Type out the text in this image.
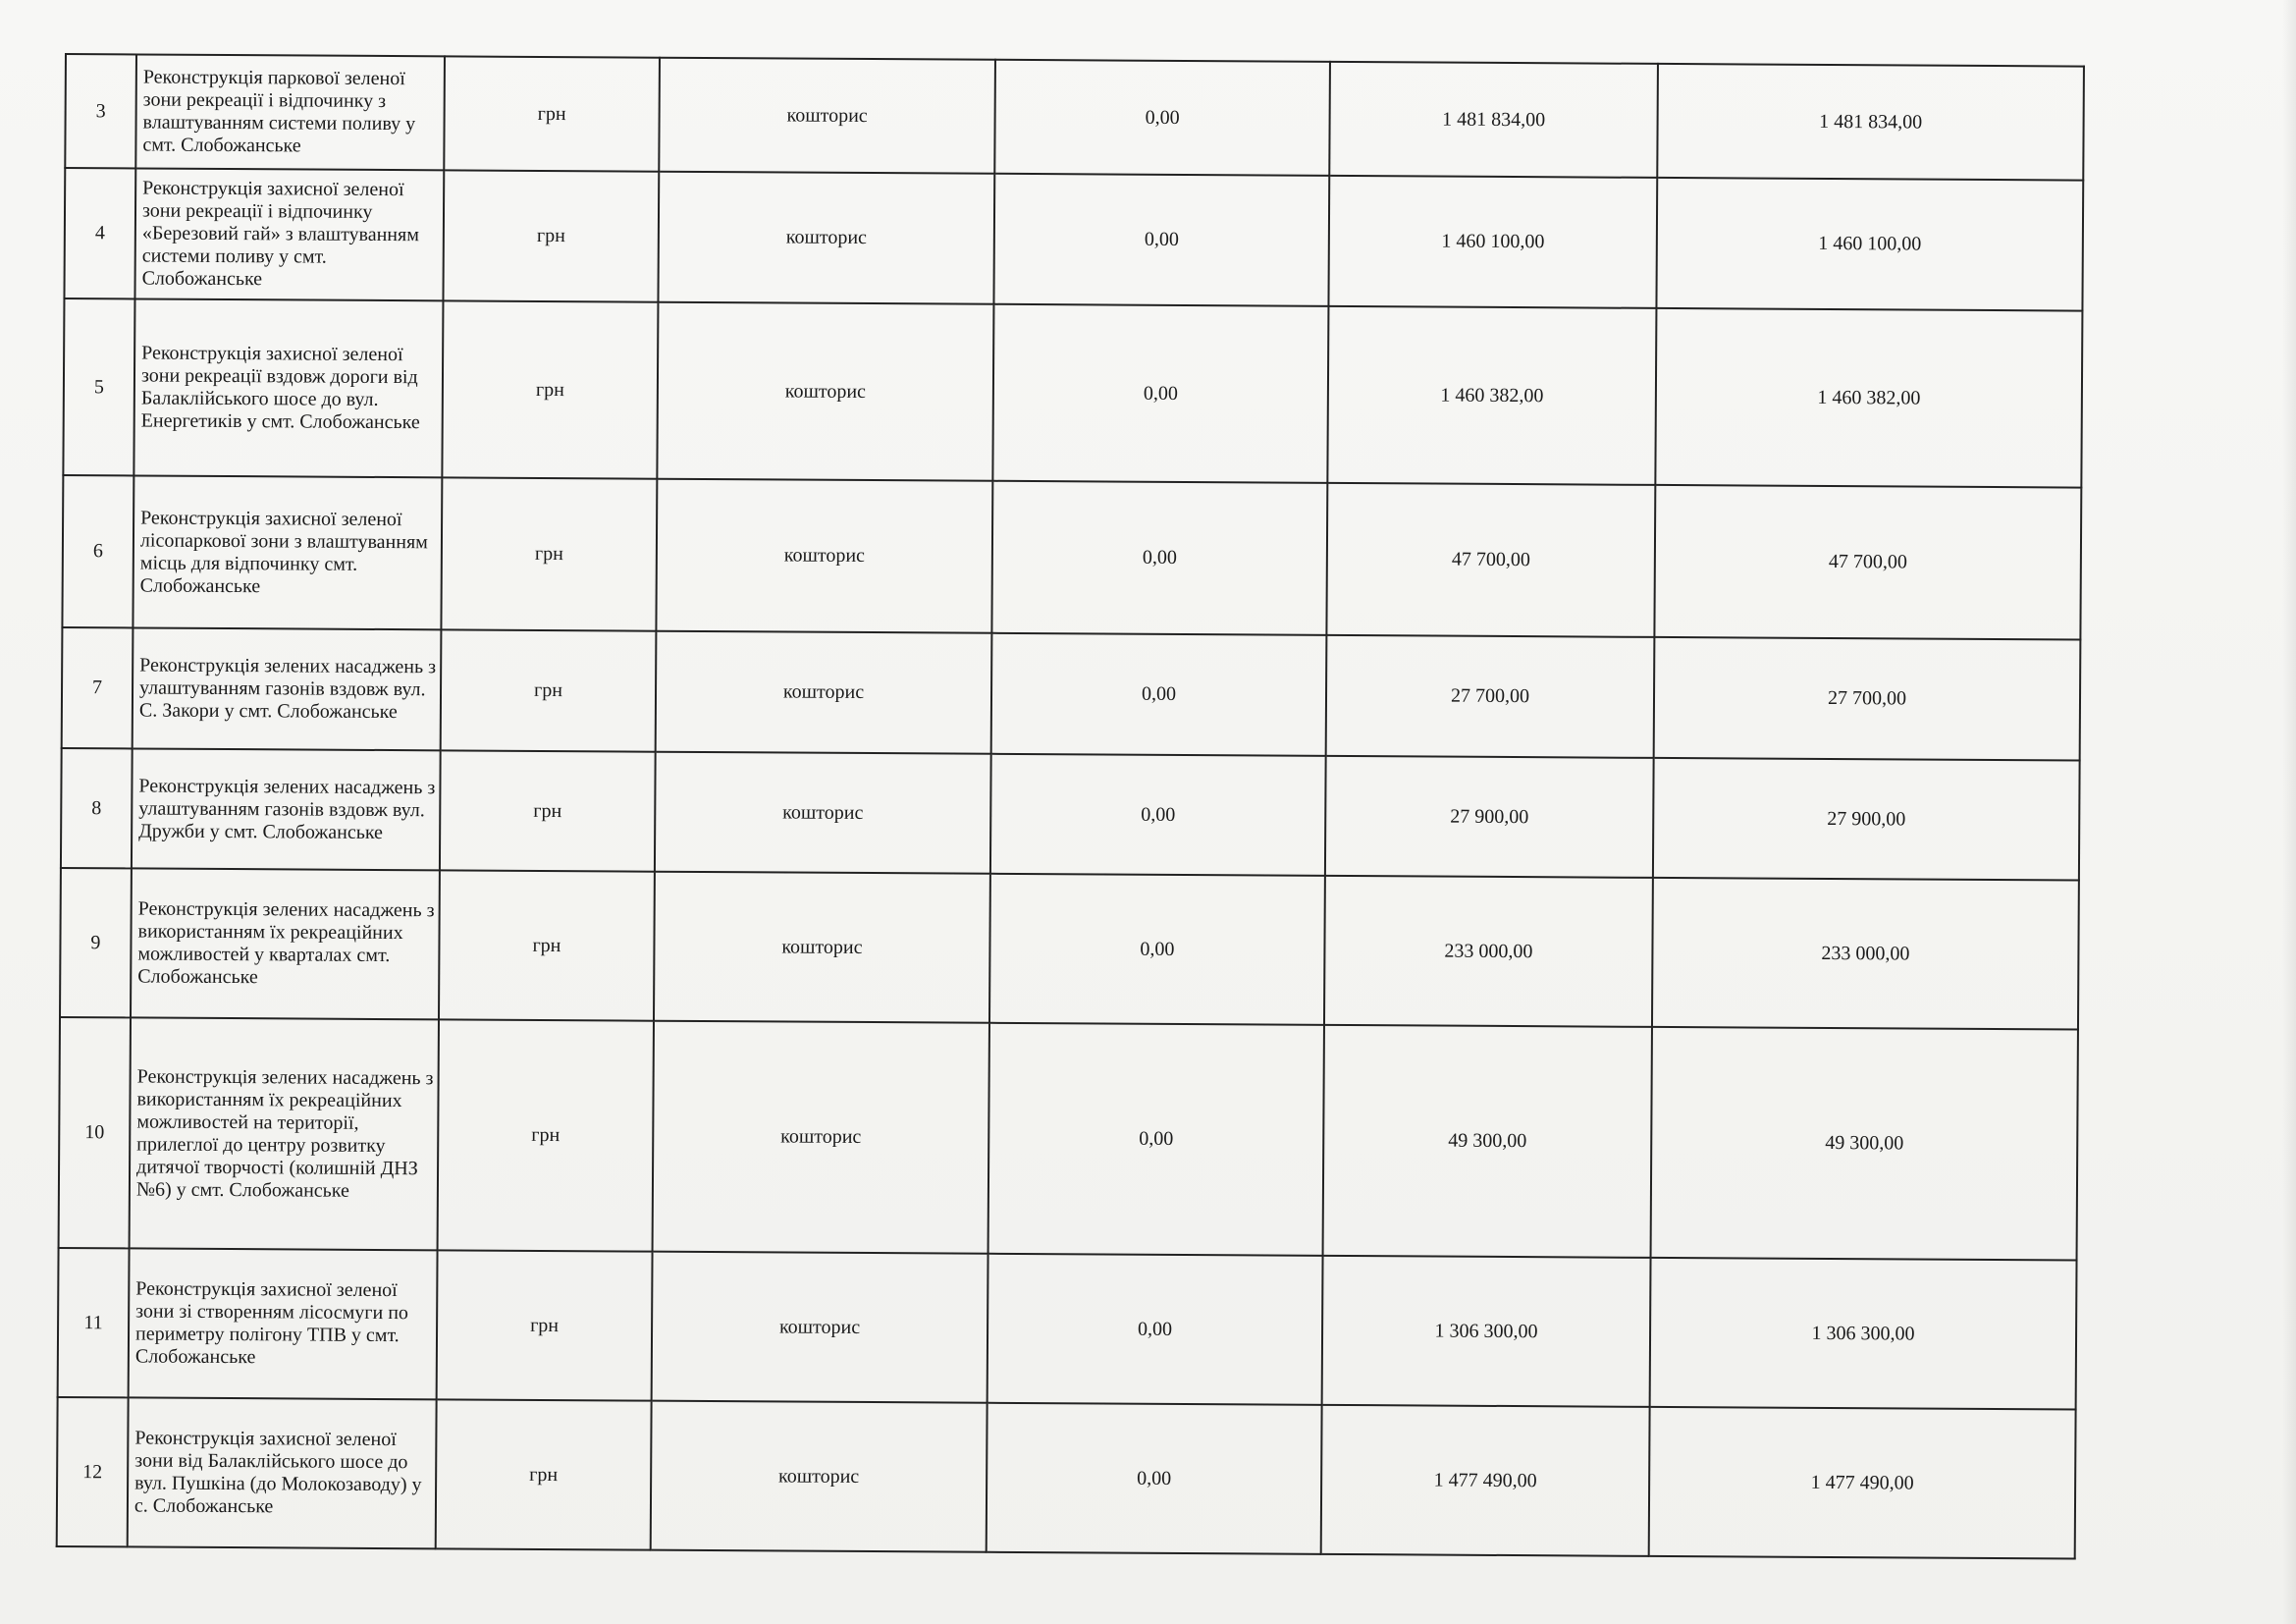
3	Реконструкція паркової зеленої зони рекреації і відпочинку з влаштуванням системи поливу у смт. Слобожанське	грн	кошторис	0,00	1 481 834,00	1 481 834,00
4	Реконструкція захисної зеленої зони рекреації і відпочинку «Березовий гай» з влаштуванням системи поливу у смт. Слобожанське	грн	кошторис	0,00	1 460 100,00	1 460 100,00
5	Реконструкція захисної зеленої зони рекреації вздовж дороги від Балаклійського шосе до вул. Енергетиків у смт. Слобожанське	грн	кошторис	0,00	1 460 382,00	1 460 382,00
6	Реконструкція захисної зеленої лісопаркової зони з влаштуванням місць для відпочинку смт. Слобожанське	грн	кошторис	0,00	47 700,00	47 700,00
7	Реконструкція зелених насаджень з улаштуванням газонів вздовж вул. С. Закори у смт. Слобожанське	грн	кошторис	0,00	27 700,00	27 700,00
8	Реконструкція зелених насаджень з улаштуванням газонів вздовж вул. Дружби у смт. Слобожанське	грн	кошторис	0,00	27 900,00	27 900,00
9	Реконструкція зелених насаджень з використанням їх рекреаційних можливостей у кварталах смт. Слобожанське	грн	кошторис	0,00	233 000,00	233 000,00
10	Реконструкція зелених насаджень з використанням їх рекреаційних можливостей на території, прилеглої до центру розвитку дитячої творчості (колишній ДНЗ №6) у смт. Слобожанське	грн	кошторис	0,00	49 300,00	49 300,00
11	Реконструкція захисної зеленої зони зі створенням лісосмуги по периметру полігону ТПВ у смт. Слобожанське	грн	кошторис	0,00	1 306 300,00	1 306 300,00
12	Реконструкція захисної зеленої зони від Балаклійського шосе до вул. Пушкіна (до Молокозаводу) у с. Слобожанське	грн	кошторис	0,00	1 477 490,00	1 477 490,00
